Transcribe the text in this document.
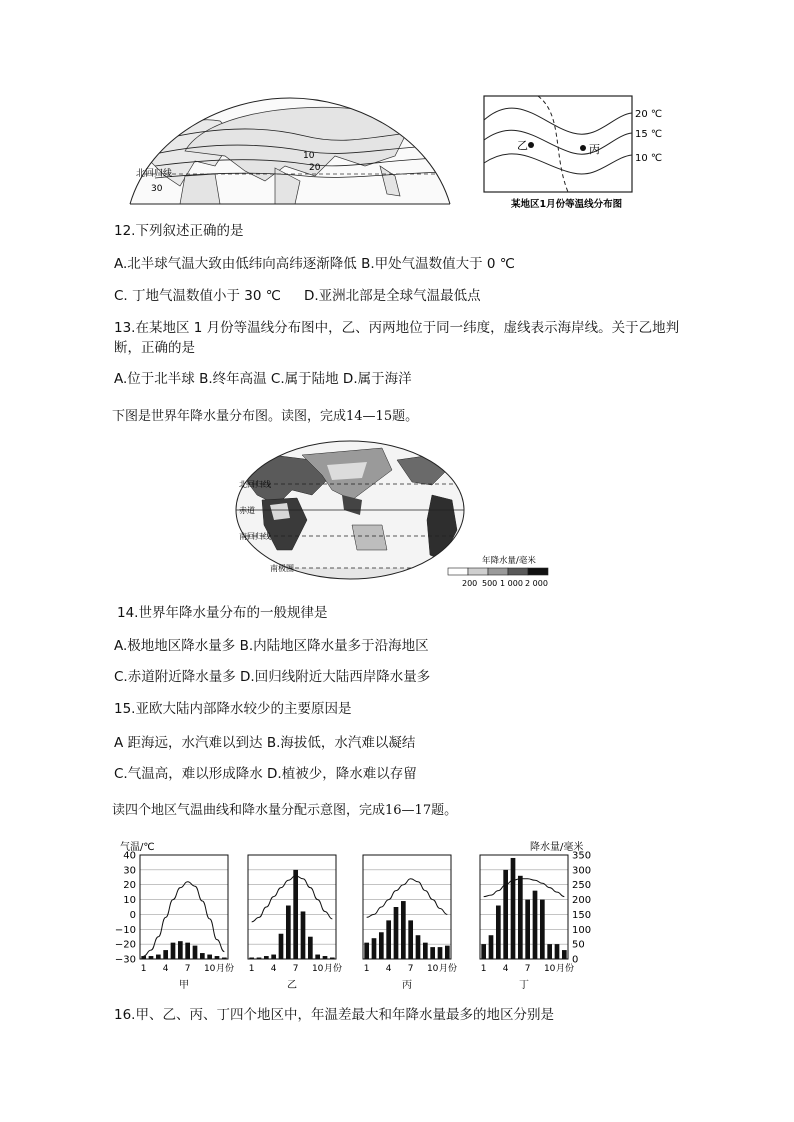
北回归线
30
10
20
乙	丙
20 ℃
15 ℃
10 ℃
某地区1月份等温线分布图
12.下列叙述正确的是
A.北半球气温大致由低纬向高纬逐渐降低 B.甲处气温数值大于 0 ℃
C. 丁地气温数值小于 30 ℃ D.亚洲北部是全球气温最低点
13.在某地区 1 月份等温线分布图中，乙、丙两地位于同一纬度，虚线表示海岸线。关于乙地判断，正确的是
A.位于北半球 B.终年高温 C.属于陆地 D.属于海洋
下图是世界年降水量分布图。读图，完成14—15题。
北回归线
赤道
南回归线
南极圈
年降水量/毫米
200 500 1 000 2 000
14.世界年降水量分布的一般规律是
A.极地地区降水量多 B.内陆地区降水量多于沿海地区
C.赤道附近降水量多 D.回归线附近大陆西岸降水量多
15.亚欧大陆内部降水较少的主要原因是
A 距海远，水汽难以到达 B.海拔低，水汽难以凝结
C.气温高，难以形成降水 D.植被少，降水难以存留
读四个地区气温曲线和降水量分配示意图，完成16—17题。
气温/℃	降水量/毫米
40
30
20
10
0
−10
−20
−30
350
300
250
200
150
100
50
0
1 4 7 10 月份
甲
1 4 7 10 月份
乙
1 4 7 10 月份
丙
1 4 7 10 月份
丁
16.甲、乙、丙、丁四个地区中，年温差最大和年降水量最多的地区分别是
